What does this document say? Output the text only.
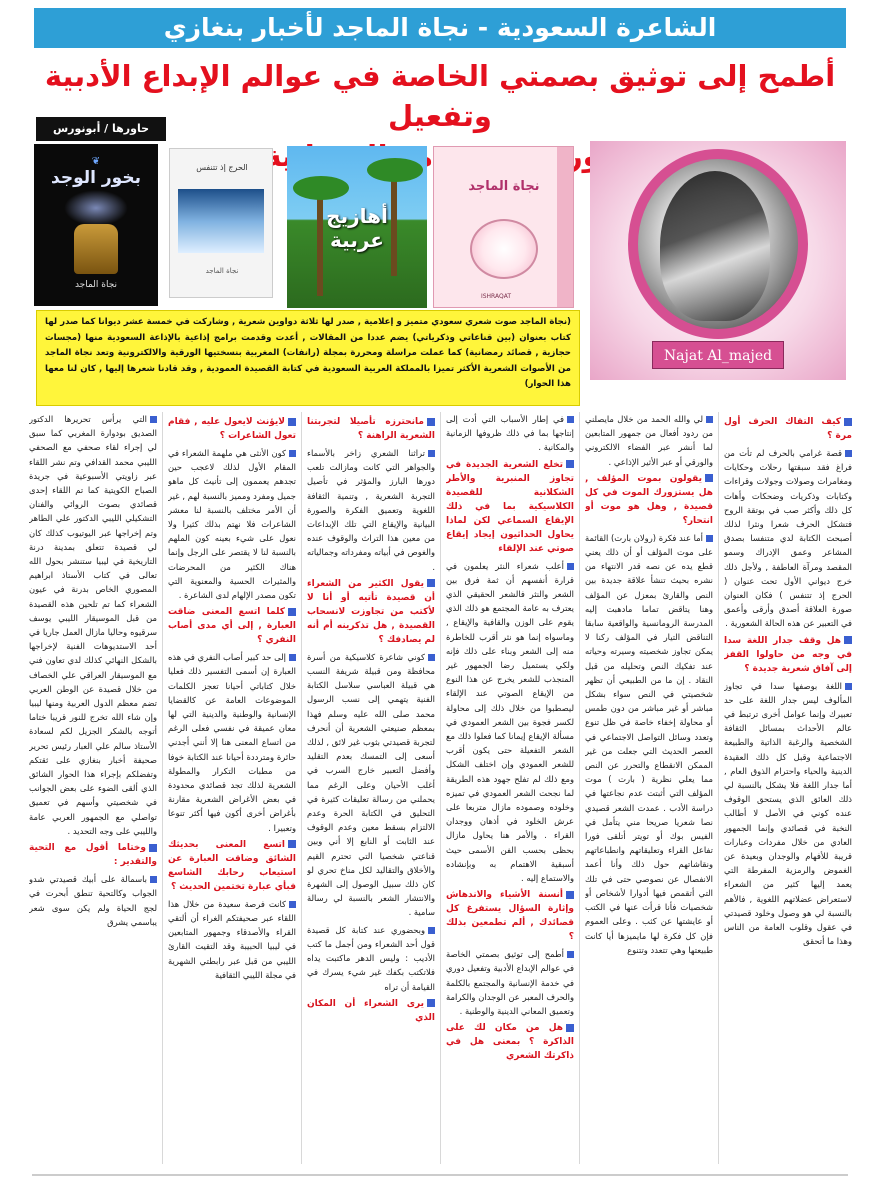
الشاعرة السعودية - نجاة الماجد لأخبار بنغازي
أطمح إلى توثيق بصمتي الخاصة في عوالم الإبداع الأدبية وتفعيل
دوري
حاورها / أبونورس
Najat Al_majed
❦
بخور الوجد
نجاة الماجد
الحرج إذ تتنفس
نجاة الماجد
أهازيج عربية
نجاة الماجد
ISHRAQAT
(نجاة الماجد صوت شعري سعودي متميز و إعلامية , صدر لها ثلاثة دواوين شعرية , وشاركت في خمسة عشر ديوانا كما صدر لها كتاب بعنوان (بين قناعاتي وذكرياتي) يضم عددا من المقالات , أعدت وقدمت برامج إذاعية بالإذاعة السعودية منها (مجسات حجازية , قصائد رمضانية) كما عملت مراسلة ومحررة بمجلة (رانفات) المغربية بنسختيها الورقية والالكترونية وتعد نجاة الماجد من الأصوات الشعرية الأكثر تميزا بالمملكة العربية السعودية في كتابة القصيدة العمودية , وقد قادنا شعرها إليها , كان لنا معها هذا الحوار)
كيف التقاك الحرف أول مرة ؟
قصة غرامي بالحرف لم تأت من فراغ فقد سبقتها رحلات وحكايات ومغامرات وصولات وجولات وقراءات وكتابات وذكريات وضحكات وأهات كل ذلك وأكثر صب في بوتقة الروح فتشكل الحرف شعرا ونثرا لذلك أصبحت الكتابة لدي متنفسا بصدق المشاعر وعمق الإدراك وسمو المقصد ومرآة العاطفة , ولأجل ذلك خرج ديواني الأول تحت عنوان ( الحرج إذ تتنفس ) فكان العنوان صورة العلاقة أصدق وأرقى وأعمق في التعبير عن هذه الحالة الشعورية .
هل وقف جدار اللغة سدا في وجه من حاولوا القفز إلى آفاق شعرية جديدة ؟
اللغة بوصفها سدا في تجاوز المألوف ليس جدار اللغة على حد تعبيرك وإنما عوامل أخرى ترتبط في عالم الأحداث بمسائل الثقافة الشخصية والرغبة الذاتية والطبيعة الاجتماعية وقبل كل ذلك العقيدة الدينية والحياء واحترام الذوق العام , أما جدار اللغة فلا يشكل بالنسبة لي ذلك العائق الذي يستحق الوقوف عنده كوني في الأصل لا أطالب النخبة في قصائدي وإنما الجمهور العادي من خلال مفردات وعبارات قريبة للأفهام والوجدان وبعيدة عن الغموض والرمزية المفرطة التي يعمد إليها كثير من الشعراء لاستعراض عضلاتهم اللغوية , فالأهم بالنسبة لي هو وصول وخلود قصيدتي في عقول وقلوب العامة من الناس وهذا ما أتحقق
لي والله الحمد من خلال مايصلني من ردود أفعال من جمهور المتابعين لما أنشر عبر الفضاء الالكتروني والورقي أو عبر الأثير الإذاعي .
يقولون بموت المؤلف , هل يستزورك الموت في كل قصيدة , وهل هو موت أو انتحار؟
أما عند فكرة (رولان بارت) القائمة على موت المؤلف أو أن ذلك يعني قطع يده عن نصه قدر الانتهاء من نشره بحيث تنشأ علاقة جديدة بين النص والقارئ بمعزل عن المؤلف وهنا يتاقض تماما مادهبت إليه المدرسة الرومانسية والواقعية سابقا التناقض التيار في المؤلف ركنا لا يمكن تجاوز شخصيته وسيرته وحياته عند تفكيك النص وتحليله من قبل النقاد . إن ما من الطبيعي أن تظهر شخصيتي في النص سواء بشكل مباشر أو غير مباشر من دون طمس أو محاولة إخفاء خاصة في ظل تنوع وتعدد وسائل التواصل الاجتماعي في العصر الحديث التي جعلت من غير الممكن الانقطاع والتحرر عن النص مما يعلي نظرية ( بارت ) موت المؤلف التي أثبتت عدم نجاعتها في دراسة الأدب . عمدت الشعر قصيدي نصا شعريا صريحا مني يتأمل في الفيس بوك أو تويتر أتلقى فورا تفاعل القراء وتعليقاتهم وانطباعاتهم ونقاشاتهم حول ذلك وأنا أعمد الانفصال عن نصوصي حتى في تلك التي أتقمص فيها أدوارا لأشخاص أو شخصيات فأنا قرأت عنها في الكتب أو عايشتها عن كثب . وعلى العموم فإن كل فكرة لها مايميزها أيا كانت طبيعتها وهي تتعدد وتتنوع
في إطار الأسباب التي أدت إلى إنتاجها بما في ذلك ظروفها الزمانية والمكانية .
تخلع الشعرية الجديدة في تجاوز المنبرية والأطر الشكلانية للقصيدة الكلاسيكية بما في ذلك الإيقاع السماعي لكن لماذا يحاول الحداثيون إيجاد إيقاع صوتي عند الإلقاء
أعلب شعراء النثر يعلمون في قرارة أنفسهم أن ثمة فرق بين الشعر والنثر فالشعر الحقيقي الذي يعترف به عامة المجتمع هو ذلك الذي يقوم على الوزن والقافية والإيقاع , وماسواه إنما هو نثر أقرب للخاطرة منه إلى الشعر وبناء على ذلك فإنه ولكي يستميل رضا الجمهور غير المنجذب للشعر يخرج عن هذا النوع من الإيقاع الصوتي عند الإلقاء ليصطبوا من خلال ذلك إلى محاولة لكسر فجوة بين الشعر العمودي في مسألة الإيقاع إيمانا كما فعلوا ذلك مع الشعر التفعيلة حتى يكون أقرب للشعر العمودي وإن اختلف الشكل ومع ذلك لم تفلح جهود هذه الطريقة لما نجحت الشعر العمودي في تميزه وخلوده وصموده مازال متربعا على عرش الخلود في أذهان ووجدان القراء . والأمر هنا يحاول مازال بحظى بحسب الفن الأسمى حيث أسبقية الاهتمام به وبإنشاده والاستماع إليه .
أنسنة الأشياء والاندهاش وإثارة السؤال يستفرغ كل قصائدك , ألم تطمعين بذلك ؟
أطمح إلى توثيق بصمتي الخاصة في عوالم الإبداع الأدبية وتفعيل دوري في خدمة الإنسانية والمجتمع بالكلمة والحرف المعبر عن الوجدان والكرامة وتعميق المعاني الدينية والوطنية .
هل من مكان لك على الذاكرة ؟ بمعنى هل في ذاكرتك الشعري
مانحترزه تأصيلا لتجربتنا الشعرية الراهنة ؟
تراثنا الشعري زاخر بالأسماء والجواهر التي كانت ومازالت تلعب دورها البارز والمؤثر في تأصيل التجربة الشعرية , وتنمية الثقافة اللغوية وتعميق الفكرة والصورة البيانية والإيقاع التي تلك الإبداعات من معين هذا التراث والوقوف عنده والغوص في أبياته ومفرداته وجمالياته .
يقول الكثير من الشعراء أن قصيدة تأتيه أو أنا لا لأكتب من تجاوزت لانسحاب القصيدة , هل تذكرينه أم أنه لم يصادفك ؟
كوني شاعرة كلاسيكية من أسرة محافظة ومن قبيلة شريفة النسب هي قبيلة العباسي سلاسل الكتابة الفنية يتهمي إلى نسب الرسول محمد صلى الله عليه وسلم فهذا بمعظم صنيعتي الشعرية أن أنحرف لتجربة قصيدتي بثوب غير لائق , لذلك أسعى إلى التمسك بعدم التقليد وأفضل التعبير خارج السرب في أغلب الأحيان وعلى الرغم مما يحملني من رسالة تعليقات كثيرة في التحليق في الكتابة الحرة وعدم الالتزام بسقط معين وعدم الوقوف عند الثابت أو النابع إلا أني وبين قناعتي شخصيا التي تحترم القيم والأخلاق والتقاليد لكل مناخ تحري لو كان ذلك سبيل الوصول إلى الشهرة والانتشار الشعر بالنسبة لي رسالة سامية .
وبحضوري عند كتابة كل قصيدة قول أحد الشعراء ومن أجمل ما كتب الأديب : وليس الدهر ماكتبت يداه فلاتكتب بكفك غير شيء يسرك في القيامة أن تراه
يرى الشعراء أن المكان الذي
لايؤنث لايعول عليه , فقام تعول الشاعرات ؟
كون الأنثى هي ملهمة الشعراء في المقام الأول لذلك لاعجب حين تجدهم يعممون إلى تأنيث كل ماهو جميل ومفرد ومميز بالنسبة لهم , غير أن الأمر مختلف بالنسبة لنا معشر الشاعرات فلا نهتم بذلك كثيرا ولا نعول على شيء بعينه كون الملهم بالنسبة لنا لا يقتصر على الرجل وإنما هناك الكثير من المحرضات والمثيرات الحسية والمعنوية التي تكون مصدر الإلهام لدى الشاعرة .
كلما اتسع المعنى ضاقت العبارة , إلى أي مدى أصاب النفري ؟
إلى حد كبير أصاب النفري في هذه العبارة إن أسمى التفسير ذلك فعليا خلال كتاباتي أحيانا تعجز الكلمات الموضوعات العامة عن كالقضايا الإنسانية والوطنية والدينية التي لها معان عميقة في نفسي فعلى الرغم من اتساع المعنى هنا إلا أنني أجدني حائرة ومترددة أحيانا عند الكتابة خوفا من مطبات التكرار والمطولة الشعرية لذلك تجد قصائدي محدودة في بعض الأغراض الشعرية مقارنة بأغراض أخرى أكون فيها أكثر تنوعا وتعبيرا .
اتسع المعنى بحديثك الشائق وضاقت العبارة عن استيعاب رحابك الشاسع فبأي عبارة تختمين الحديث ؟
كانت فرصة سعيدة من خلال هذا اللقاء عبر صحيفتكم الغراء أن ألتقي القراء والأصدقاء وجمهور المتابعين في ليبيا الحبيبة وقد التقيت القارئ الليبي من قبل عبر رابطتي الشهرية في مجلة الليبي الثقافية
التي يرأس تحريرها الدكتور الصديق بودوارة المغربي كما سبق لي إجراء لقاء صحفي مع الصحفي الليبي محمد القدافي وتم نشر اللقاء عبر زاويتي الأسبوعية في جريدة الصباح الكويتية كما تم اللقاء إحدى قصائدي بصوت الروائي والفنان التشكيلي الليبي الدكتور علي الطاهر وتم إخراجها عبر اليوتيوب كذلك كان لي قصيدة تتعلق بمدينة درنة التاريخية في ليبيا ستنشر بحول الله تعالى في كتاب الأستاذ ابراهيم المصوري الخاص بدرنة في عيون الشعراء كما تم تلحين هذه القصيدة من قبل الموسيقار الليبي يوسف سرقيوه وحاليا مازال العمل جاريا في أحد الاستديوهات الفنية لإخراجها بالشكل النهائي كذلك لدي تعاون فني مع الموسيقار العراقي علي الخصاف من خلال قصيدة عن الوطن العربي تضم معظم الدول العربية ومنها ليبيا وإن شاء الله تخرج للنور قريبا ختاما أتوجه بالشكر الجزيل لكم لسعادة الأستاذ سالم علي العبار رئيس تحرير صحيفة أخبار بنغازي على ثقتكم وتفضلكم بإجراء هذا الحوار الشائق الذي ألقى الضوء على بعض الجوانب في شخصيتي وأسهم في تعميق تواصلي مع الجمهور العربي عامة والليبي على وجه التحديد .
وختاما أقول مع التحية والتقدير :
باسمالة على أبيك قصيدتي شدو الجواب وكالتحية تنطق أبحرت في لجج الحياة ولم يكن سوى شعر يباسمي يشرق
